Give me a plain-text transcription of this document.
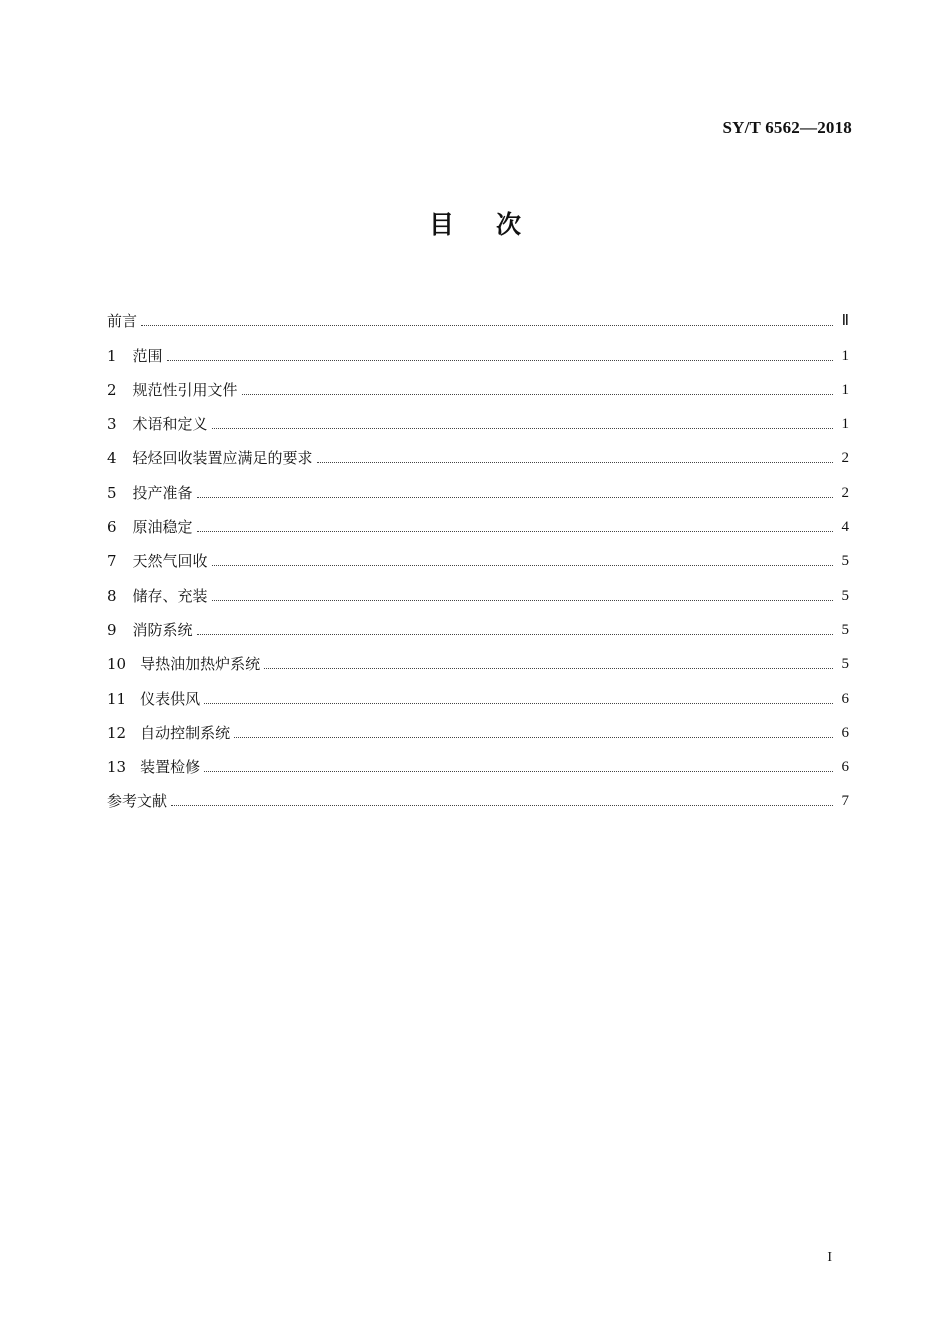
SY/T 6562—2018
目次
前言	Ⅱ
1 范围	1
2 规范性引用文件	1
3 术语和定义	1
4 轻烃回收装置应满足的要求	2
5 投产准备	2
6 原油稳定	4
7 天然气回收	5
8 储存、充装	5
9 消防系统	5
10 导热油加热炉系统	5
11 仪表供风	6
12 自动控制系统	6
13 装置检修	6
参考文献	7
I
